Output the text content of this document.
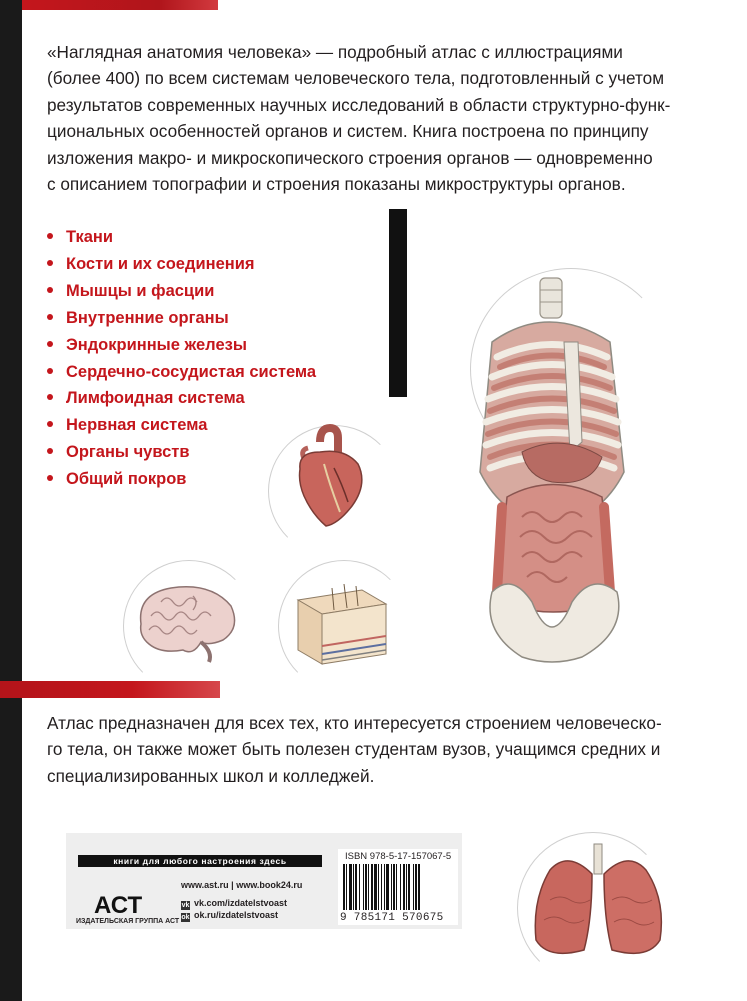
«Наглядная анатомия человека» — подробный атлас с иллюстрациями
(более 400) по всем системам человеческого тела, подготовленный с учетом
результатов современных научных исследований в области структурно-функ-
циональных особенностей органов и систем. Книга построена по принципу
изложения макро- и микроскопического строения органов — одновременно
с описанием топографии и строения показаны микроструктуры органов.
Ткани
Кости и их соединения
Мышцы и фасции
Внутренние органы
Эндокринные железы
Сердечно-сосудистая система
Лимфоидная система
Нервная система
Органы чувств
Общий покров
Атлас предназначен для всех тех, кто интересуется строением человеческо-
го тела, он также может быть полезен студентам вузов, учащимся средних и
специализированных школ и колледжей.
книги для любого настроения здесь
АСТ
ИЗДАТЕЛЬСКАЯ ГРУППА АСТ
www.ast.ru | www.book24.ru
vk vk.com/izdatelstvoast
ok ok.ru/izdatelstvoast
ISBN 978-5-17-157067-5
9 785171 570675
